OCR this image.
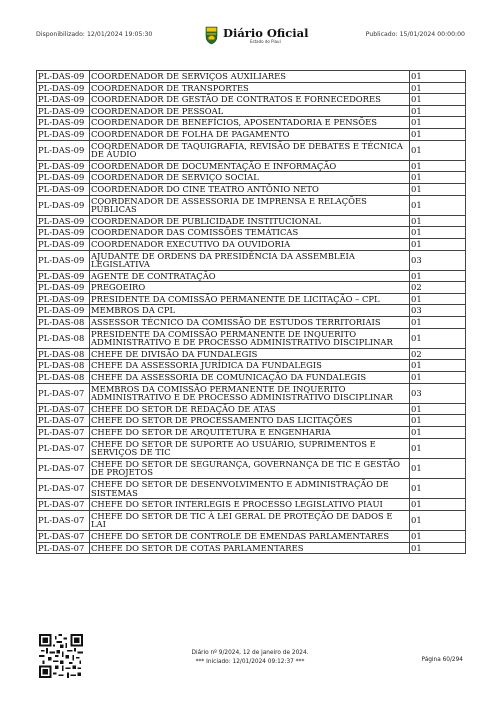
Disponibilizado: 12/01/2024 19:05:30	Diário Oficial
Estado do Piauí
Publicado: 15/01/2024 00:00:00
PL-DAS-09	COORDENADOR DE SERVIÇOS AUXILIARES	01
PL-DAS-09	COORDENADOR DE TRANSPORTES	01
PL-DAS-09	COORDENADOR DE GESTÃO DE CONTRATOS E FORNECEDORES	01
PL-DAS-09	COORDENADOR DE PESSOAL	01
PL-DAS-09	COORDENADOR DE BENEFÍCIOS, APOSENTADORIA E PENSÕES	01
PL-DAS-09	COORDENADOR DE FOLHA DE PAGAMENTO	01
PL-DAS-09	COORDENADOR DE TAQUIGRAFIA, REVISÃO DE DEBATES E TÉCNICA DE ÁUDIO	01
PL-DAS-09	COORDENADOR DE DOCUMENTAÇÃO E INFORMAÇÃO	01
PL-DAS-09	COORDENADOR DE SERVIÇO SOCIAL	01
PL-DAS-09	COORDENADOR DO CINE TEATRO ANTÔNIO NETO	01
PL-DAS-09	COORDENADOR DE ASSESSORIA DE IMPRENSA E RELAÇÕES PÚBLICAS	01
PL-DAS-09	COORDENADOR DE PUBLICIDADE INSTITUCIONAL	01
PL-DAS-09	COORDENADOR DAS COMISSÕES TEMÁTICAS	01
PL-DAS-09	COORDENADOR EXECUTIVO DA OUVIDORIA	01
PL-DAS-09	AJUDANTE DE ORDENS DA PRESIDÊNCIA DA ASSEMBLEIA LEGISLATIVA	03
PL-DAS-09	AGENTE DE CONTRATAÇÃO	01
PL-DAS-09	PREGOEIRO	02
PL-DAS-09	PRESIDENTE DA COMISSÃO PERMANENTE DE LICITAÇÃO – CPL	01
PL-DAS-09	MEMBROS DA CPL	03
PL-DAS-08	ASSESSOR TÉCNICO DA COMISSÃO DE ESTUDOS TERRITORIAIS	01
PL-DAS-08	PRESIDENTE DA COMISSÃO PERMANENTE DE INQUERITO ADMINISTRATIVO E DE PROCESSO ADMINISTRATIVO DISCIPLINAR	01
PL-DAS-08	CHEFE DE DIVISÃO DA FUNDALEGIS	02
PL-DAS-08	CHEFE DA ASSESSORIA JURÍDICA DA FUNDALEGIS	01
PL-DAS-08	CHEFE DA ASSESSORIA DE COMUNICAÇÃO DA FUNDALEGIS	01
PL-DAS-07	MEMBROS DA COMISSÃO PERMANENTE DE INQUERITO ADMINISTRATIVO E DE PROCESSO ADMINISTRATIVO DISCIPLINAR	03
PL-DAS-07	CHEFE DO SETOR DE REDAÇÃO DE ATAS	01
PL-DAS-07	CHEFE DO SETOR DE PROCESSAMENTO DAS LICITAÇÕES	01
PL-DAS-07	CHEFE DO SETOR DE ARQUITETURA E ENGENHARIA	01
PL-DAS-07	CHEFE DO SETOR DE SUPORTE AO USUÁRIO, SUPRIMENTOS E SERVIÇOS DE TIC	01
PL-DAS-07	CHEFE DO SETOR DE SEGURANÇA, GOVERNANÇA DE TIC E GESTÃO DE PROJETOS	01
PL-DAS-07	CHEFE DO SETOR DE DESENVOLVIMENTO E ADMINISTRAÇÃO DE SISTEMAS	01
PL-DAS-07	CHEFE DO SETOR INTERLEGIS E PROCESSO LEGISLATIVO PIAUI	01
PL-DAS-07	CHEFE DO SETOR DE TIC À LEI GERAL DE PROTEÇÃO DE DADOS E LAI	01
PL-DAS-07	CHEFE DO SETOR DE CONTROLE DE EMENDAS PARLAMENTARES	01
PL-DAS-07	CHEFE DO SETOR DE COTAS PARLAMENTARES	01
Diário nº 9/2024, 12 de janeiro de 2024.
*** Iniciado: 12/01/2024 09:12:37 ***	Página 60/294
